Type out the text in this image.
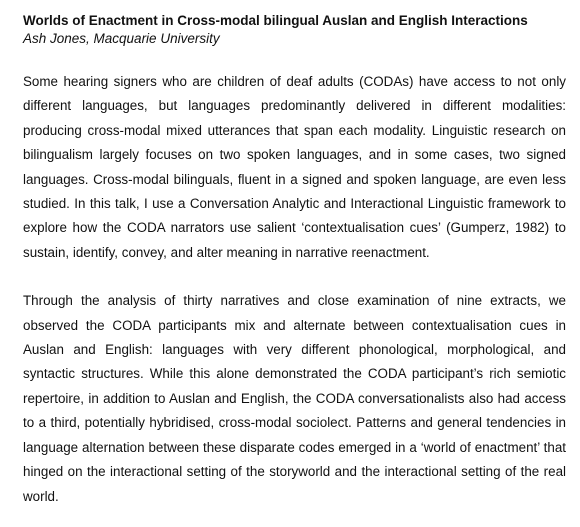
Worlds of Enactment in Cross-modal bilingual Auslan and English Interactions

Ash Jones, Macquarie University

Some hearing signers who are children of deaf adults (CODAs) have access to not only different languages, but languages predominantly delivered in different modalities: producing cross-modal mixed utterances that span each modality. Linguistic research on bilingualism largely focuses on two spoken languages, and in some cases, two signed languages. Cross-modal bilinguals, fluent in a signed and spoken language, are even less studied. In this talk, I use a Conversation Analytic and Interactional Linguistic framework to explore how the CODA narrators use salient ‘contextualisation cues’ (Gumperz, 1982) to sustain, identify, convey, and alter meaning in narrative reenactment.

Through the analysis of thirty narratives and close examination of nine extracts, we observed the CODA participants mix and alternate between contextualisation cues in Auslan and English: languages with very different phonological, morphological, and syntactic structures. While this alone demonstrated the CODA participant’s rich semiotic repertoire, in addition to Auslan and English, the CODA conversationalists also had access to a third, potentially hybridised, cross-modal sociolect. Patterns and general tendencies in language alternation between these disparate codes emerged in a ‘world of enactment’ that hinged on the interactional setting of the storyworld and the interactional setting of the real world.
